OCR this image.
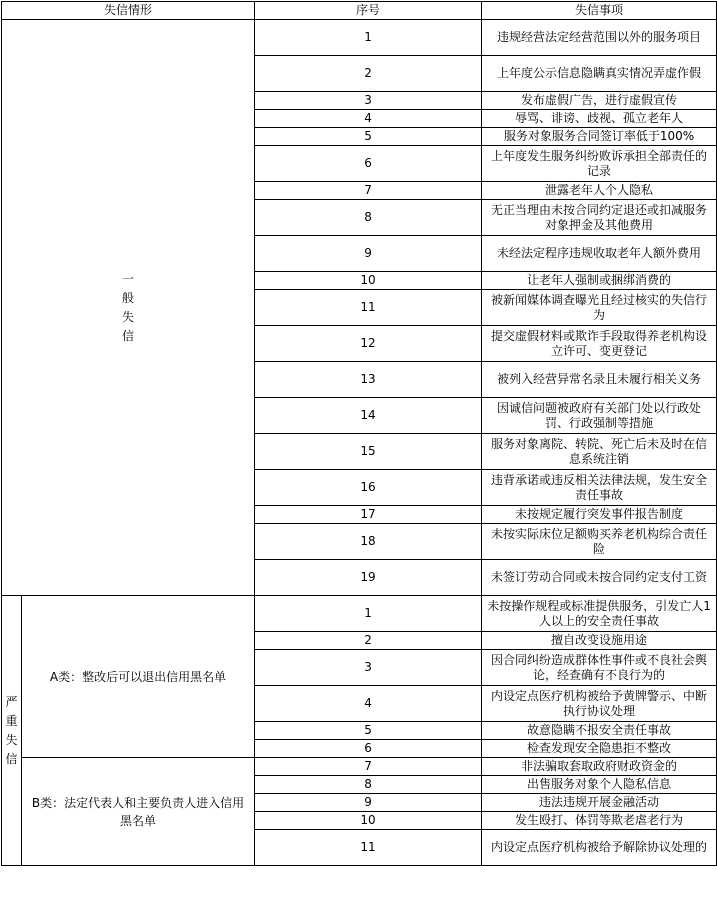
失信情形		序号	失信事项
一般失信		1	违规经营法定经营范围以外的服务项目
		2	上年度公示信息隐瞒真实情况弄虚作假
		3	发布虚假广告，进行虚假宣传
		4	辱骂、诽谤、歧视、孤立老年人
		5	服务对象服务合同签订率低于100%
		6	上年度发生服务纠纷败诉承担全部责任的记录
		7	泄露老年人个人隐私
		8	无正当理由未按合同约定退还或扣减服务对象押金及其他费用
		9	未经法定程序违规收取老年人额外费用
		10	让老年人强制或捆绑消费的
		11	被新闻媒体调查曝光且经过核实的失信行为
		12	提交虚假材料或欺诈手段取得养老机构设立许可、变更登记
		13	被列入经营异常名录且未履行相关义务
		14	因诚信问题被政府有关部门处以行政处罚、行政强制等措施
		15	服务对象离院、转院、死亡后未及时在信息系统注销
		16	违背承诺或违反相关法律法规，发生安全责任事故
		17	未按规定履行突发事件报告制度
		18	未按实际床位足额购买养老机构综合责任险
		19	未签订劳动合同或未按合同约定支付工资
严重失信	A类：整改后可以退出信用黑名单	1	未按操作规程或标准提供服务，引发亡人1人以上的安全责任事故
		2	擅自改变设施用途
		3	因合同纠纷造成群体性事件或不良社会舆论，经查确有不良行为的
		4	内设定点医疗机构被给予黄牌警示、中断执行协议处理
		5	故意隐瞒不报安全责任事故
		6	检查发现安全隐患拒不整改
	B类：法定代表人和主要负责人进入信用黑名单	7	非法骗取套取政府财政资金的
		8	出售服务对象个人隐私信息
		9	违法违规开展金融活动
		10	发生殴打、体罚等欺老虐老行为
		11	内设定点医疗机构被给予解除协议处理的
